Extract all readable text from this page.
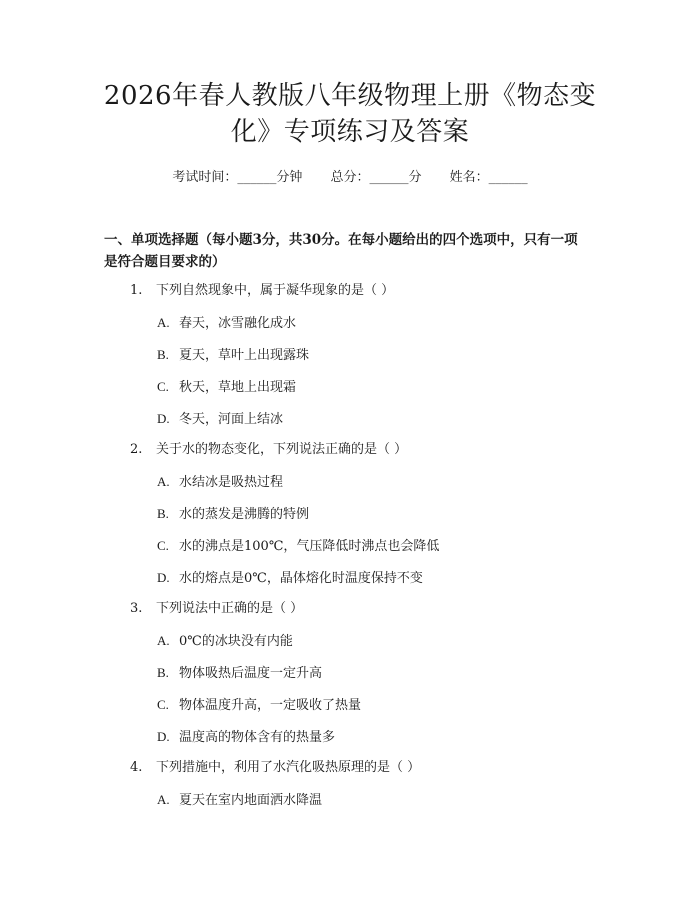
2026年春人教版八年级物理上册《物态变
化》专项练习及答案
考试时间：______分钟 总分：______分 姓名：______
一、单项选择题（每小题3分，共30分。在每小题给出的四个选项中，只有一项
是符合题目要求的）
1. 下列自然现象中，属于凝华现象的是（ ）
A. 春天，冰雪融化成水
B. 夏天，草叶上出现露珠
C. 秋天，草地上出现霜
D. 冬天，河面上结冰
2. 关于水的物态变化，下列说法正确的是（ ）
A. 水结冰是吸热过程
B. 水的蒸发是沸腾的特例
C. 水的沸点是100℃，气压降低时沸点也会降低
D. 水的熔点是0℃，晶体熔化时温度保持不变
3. 下列说法中正确的是（ ）
A. 0℃的冰块没有内能
B. 物体吸热后温度一定升高
C. 物体温度升高，一定吸收了热量
D. 温度高的物体含有的热量多
4. 下列措施中，利用了水汽化吸热原理的是（ ）
A. 夏天在室内地面洒水降温
